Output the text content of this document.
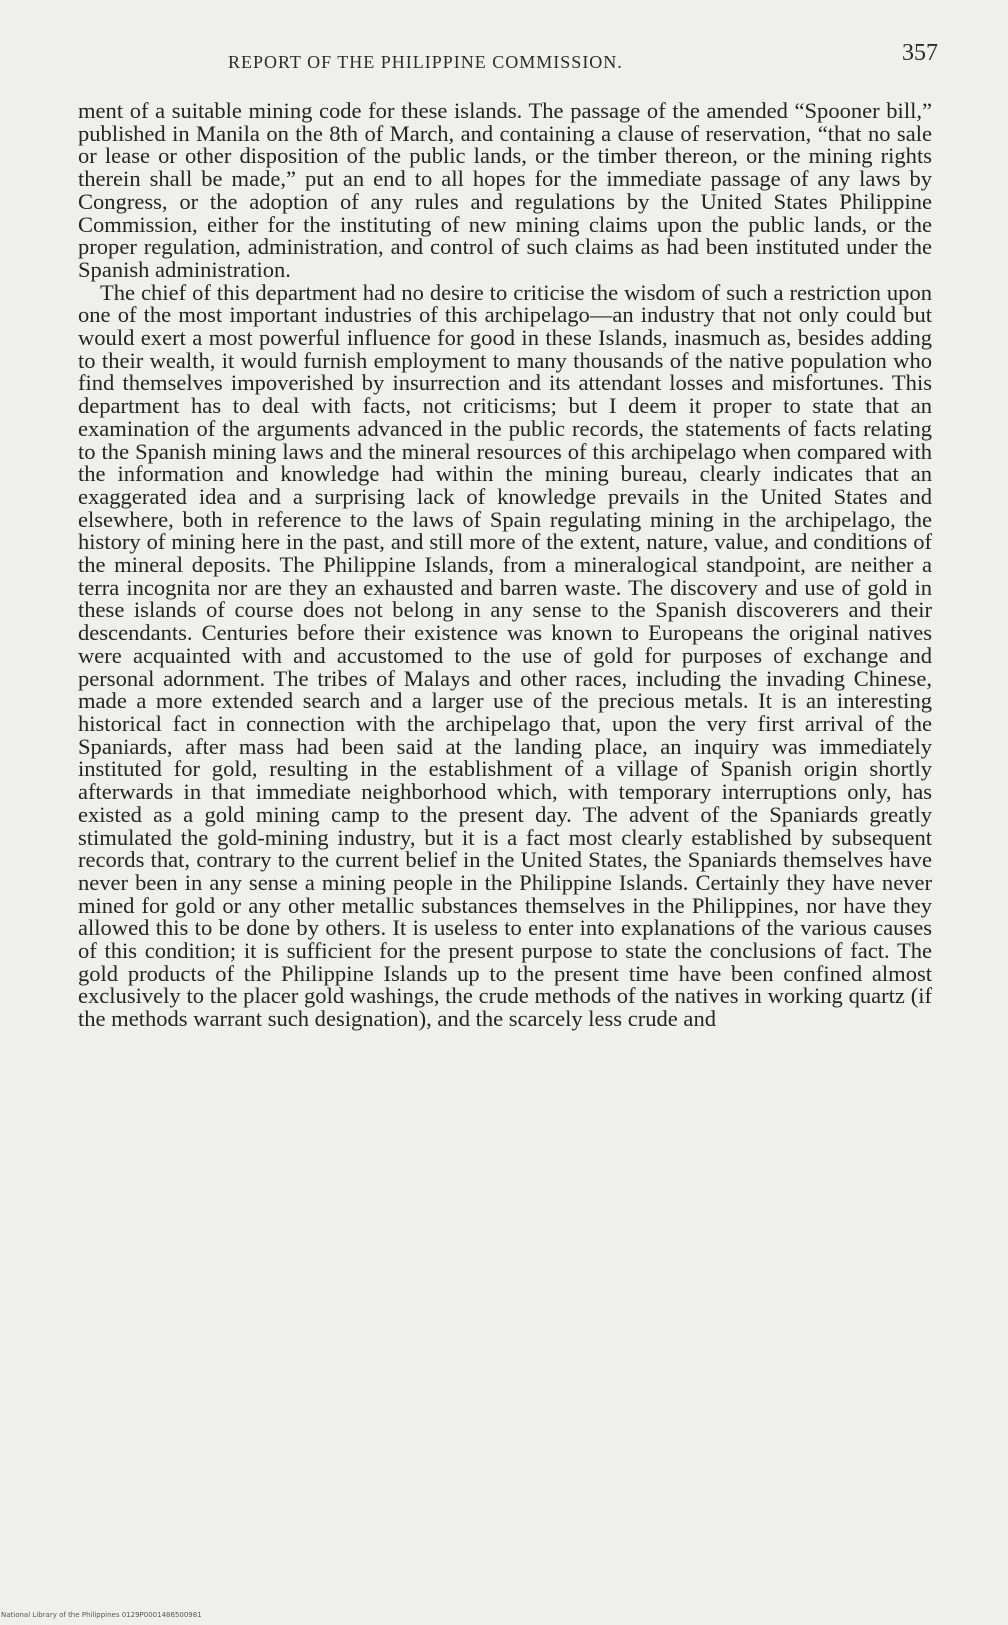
REPORT OF THE PHILIPPINE COMMISSION.	357

ment of a suitable mining code for these islands. The passage of the amended “Spooner bill,” published in Manila on the 8th of March, and containing a clause of reservation, “that no sale or lease or other disposition of the public lands, or the timber thereon, or the mining rights therein shall be made,” put an end to all hopes for the immediate passage of any laws by Congress, or the adoption of any rules and regulations by the United States Philippine Commission, either for the instituting of new mining claims upon the public lands, or the proper regulation, administration, and control of such claims as had been instituted under the Spanish administration.

The chief of this department had no desire to criticise the wisdom of such a restriction upon one of the most important industries of this archipelago—an industry that not only could but would exert a most powerful influence for good in these Islands, inasmuch as, besides adding to their wealth, it would furnish employment to many thousands of the native population who find themselves impoverished by insurrection and its attendant losses and misfortunes. This department has to deal with facts, not criticisms; but I deem it proper to state that an examination of the arguments advanced in the public records, the statements of facts relating to the Spanish mining laws and the mineral resources of this archipelago when compared with the information and knowledge had within the mining bureau, clearly indicates that an exaggerated idea and a surprising lack of knowledge prevails in the United States and elsewhere, both in reference to the laws of Spain regulating mining in the archipelago, the history of mining here in the past, and still more of the extent, nature, value, and conditions of the mineral deposits. The Philippine Islands, from a mineralogical standpoint, are neither a terra incognita nor are they an exhausted and barren waste. The discovery and use of gold in these islands of course does not belong in any sense to the Spanish discoverers and their descendants. Centuries before their existence was known to Europeans the original natives were acquainted with and accustomed to the use of gold for purposes of exchange and personal adornment. The tribes of Malays and other races, including the invading Chinese, made a more extended search and a larger use of the precious metals. It is an interesting historical fact in connection with the archipelago that, upon the very first arrival of the Spaniards, after mass had been said at the landing place, an inquiry was immediately instituted for gold, resulting in the establishment of a village of Spanish origin shortly afterwards in that immediate neighborhood which, with temporary interruptions only, has existed as a gold mining camp to the present day. The advent of the Spaniards greatly stimulated the gold-mining industry, but it is a fact most clearly established by subsequent records that, contrary to the current belief in the United States, the Spaniards themselves have never been in any sense a mining people in the Philippine Islands. Certainly they have never mined for gold or any other metallic substances themselves in the Philippines, nor have they allowed this to be done by others. It is useless to enter into explanations of the various causes of this condition; it is sufficient for the present purpose to state the conclusions of fact. The gold products of the Philippine Islands up to the present time have been confined almost exclusively to the placer gold washings, the crude methods of the natives in working quartz (if the methods warrant such designation), and the scarcely less crude and

National Library of the Philippines 0129P0001486500981
